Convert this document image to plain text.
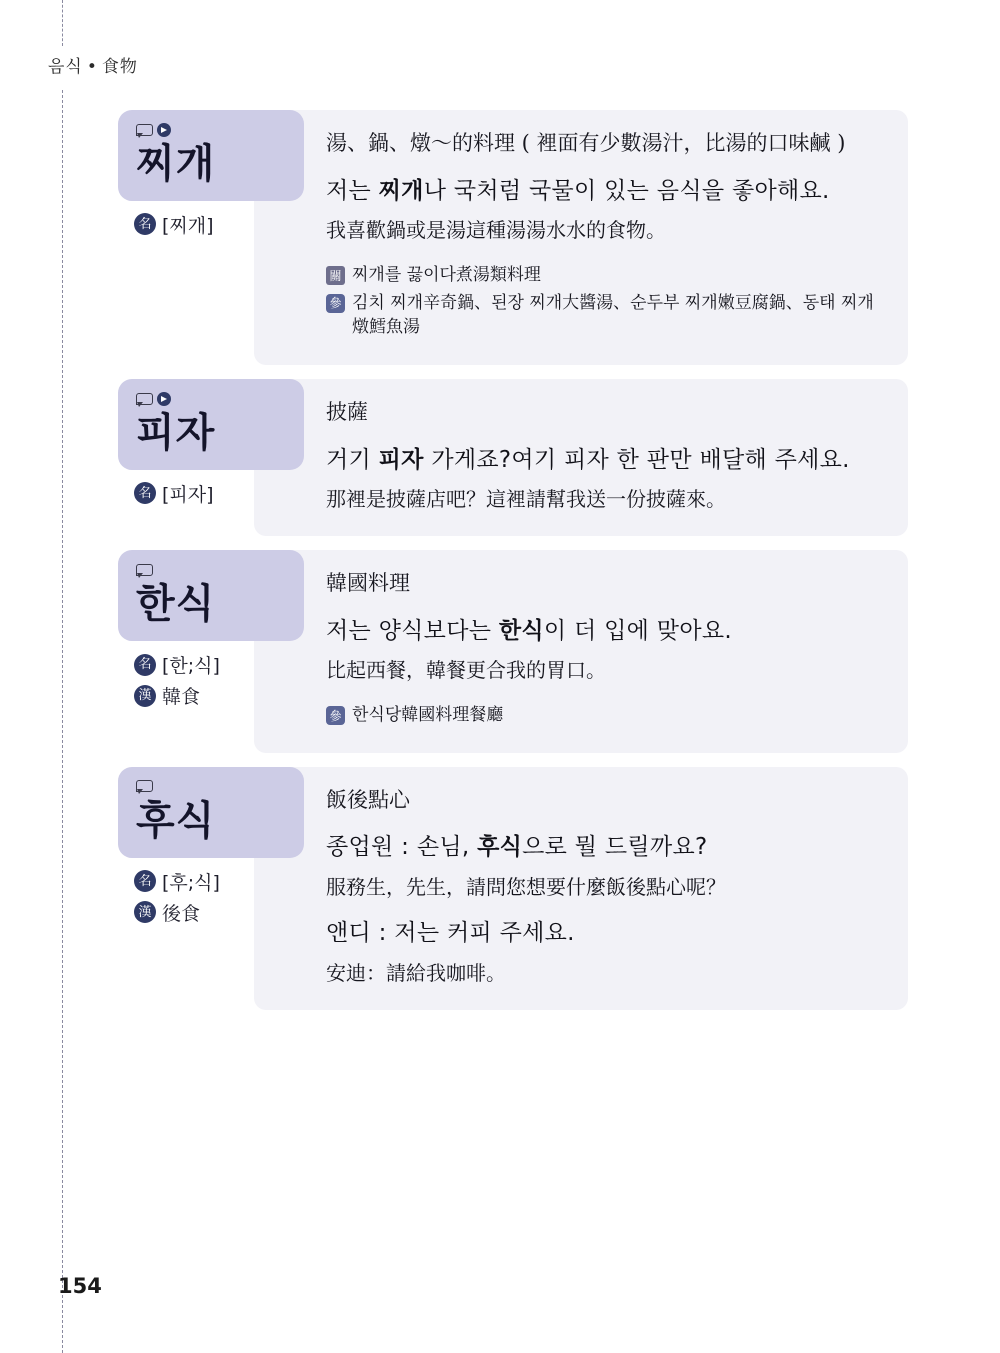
음식 • 食物
찌개
名 [찌개]
湯、鍋、燉～的料理 ( 裡面有少數湯汁，比湯的口味鹹 )
저는 찌개나 국처럼 국물이 있는 음식을 좋아해요.
我喜歡鍋或是湯這種湯湯水水的食物。
關 찌개를 끓이다煮湯類料理
參 김치 찌개辛奇鍋、된장 찌개大醬湯、순두부 찌개嫩豆腐鍋、동태 찌개燉鱈魚湯
피자
名 [피자]
披薩
거기 피자 가게죠?여기 피자 한 판만 배달해 주세요.
那裡是披薩店吧？這裡請幫我送一份披薩來。
한식
名 [한;식]
漢 韓食
韓國料理
저는 양식보다는 한식이 더 입에 맞아요.
比起西餐，韓餐更合我的胃口。
參 한식당韓國料理餐廳
후식
名 [후;식]
漢 後食
飯後點心
종업원 : 손님, 후식으로 뭘 드릴까요?
服務生，先生，請問您想要什麼飯後點心呢？
앤디 : 저는 커피 주세요.
安迪：請給我咖啡。
154
